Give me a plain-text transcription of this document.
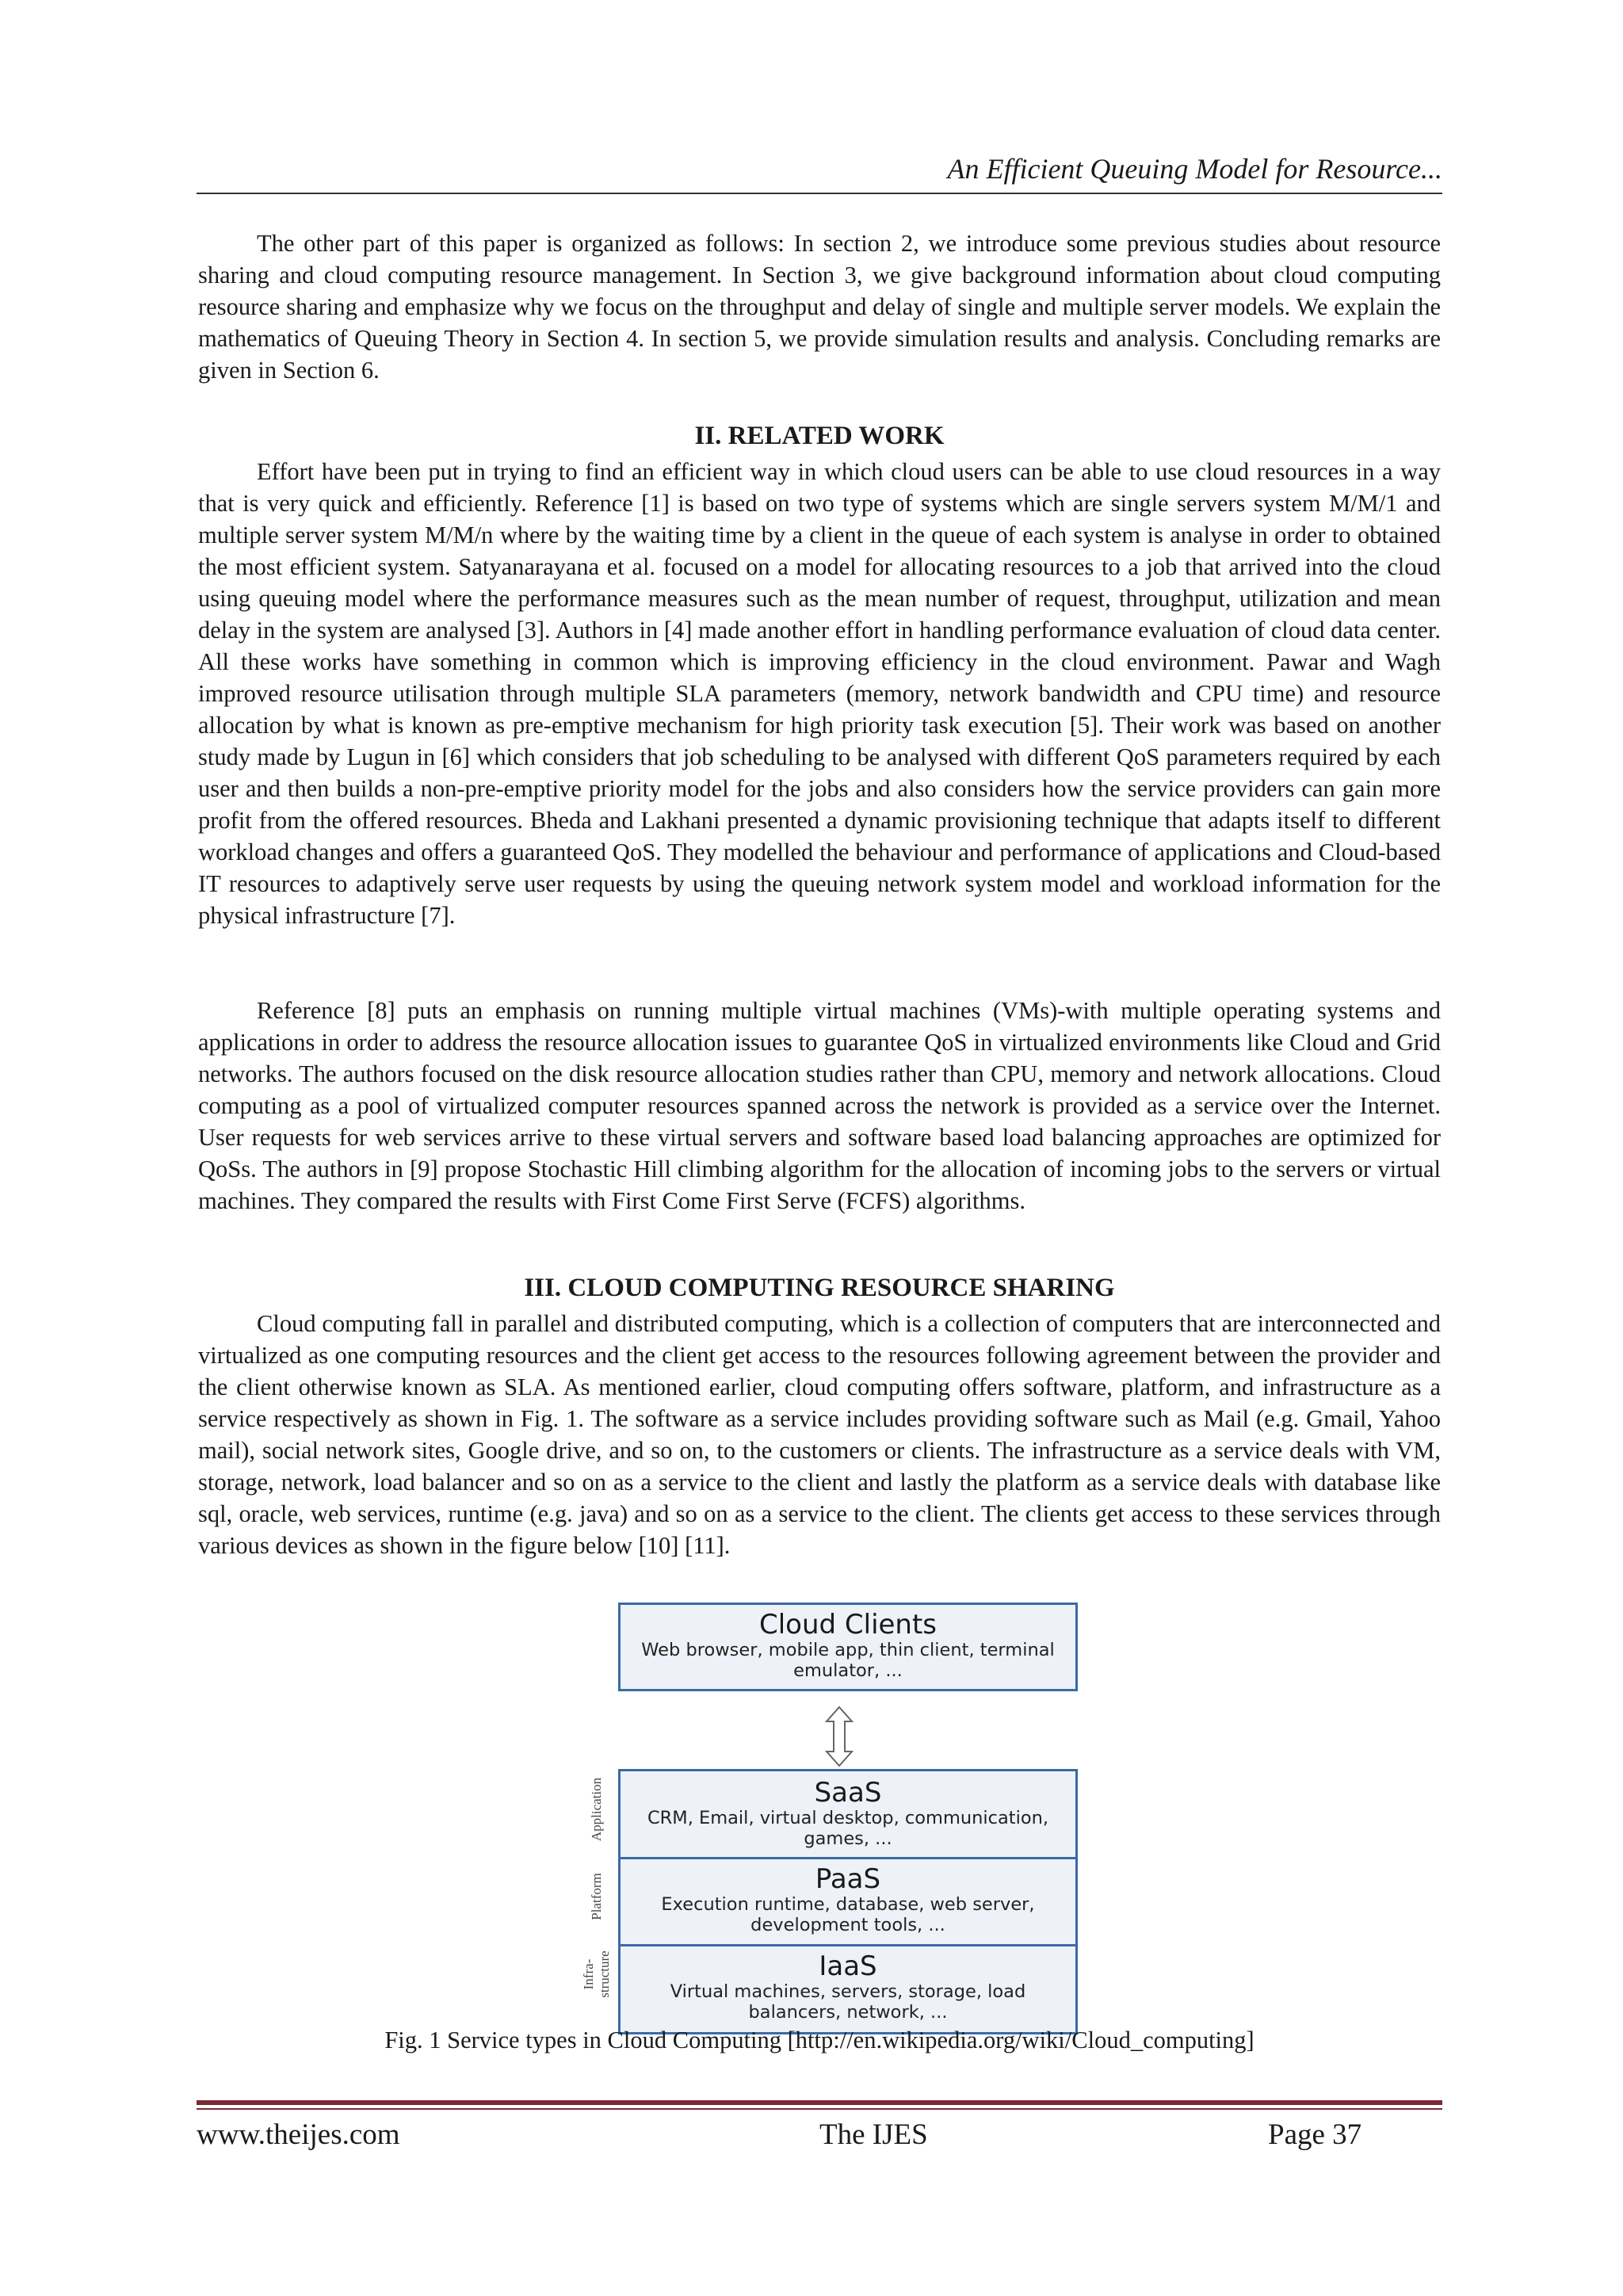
An Efficient Queuing Model for Resource...

The other part of this paper is organized as follows: In section 2, we introduce some previous studies about resource sharing and cloud computing resource management. In Section 3, we give background information about cloud computing resource sharing and emphasize why we focus on the throughput and delay of single and multiple server models. We explain the mathematics of Queuing Theory in Section 4. In section 5, we provide simulation results and analysis. Concluding remarks are given in Section 6.

II. RELATED WORK

Effort have been put in trying to find an efficient way in which cloud users can be able to use cloud resources in a way that is very quick and efficiently. Reference [1] is based on two type of systems which are single servers system M/M/1 and multiple server system M/M/n where by the waiting time by a client in the queue of each system is analyse in order to obtained the most efficient system. Satyanarayana et al. focused on a model for allocating resources to a job that arrived into the cloud using queuing model where the performance measures such as the mean number of request, throughput, utilization and mean delay in the system are analysed [3]. Authors in [4] made another effort in handling performance evaluation of cloud data center. All these works have something in common which is improving efficiency in the cloud environment. Pawar and Wagh improved resource utilisation through multiple SLA parameters (memory, network bandwidth and CPU time) and resource allocation by what is known as pre-emptive mechanism for high priority task execution [5]. Their work was based on another study made by Lugun in [6] which considers that job scheduling to be analysed with different QoS parameters required by each user and then builds a non-pre-emptive priority model for the jobs and also considers how the service providers can gain more profit from the offered resources. Bheda and Lakhani presented a dynamic provisioning technique that adapts itself to different workload changes and offers a guaranteed QoS. They modelled the behaviour and performance of applications and Cloud-based IT resources to adaptively serve user requests by using the queuing network system model and workload information for the physical infrastructure [7].

Reference [8] puts an emphasis on running multiple virtual machines (VMs)-with multiple operating systems and applications in order to address the resource allocation issues to guarantee QoS in virtualized environments like Cloud and Grid networks. The authors focused on the disk resource allocation studies rather than CPU, memory and network allocations. Cloud computing as a pool of virtualized computer resources spanned across the network is provided as a service over the Internet. User requests for web services arrive to these virtual servers and software based load balancing approaches are optimized for QoSs. The authors in [9] propose Stochastic Hill climbing algorithm for the allocation of incoming jobs to the servers or virtual machines. They compared the results with First Come First Serve (FCFS) algorithms.

III. CLOUD COMPUTING RESOURCE SHARING

Cloud computing fall in parallel and distributed computing, which is a collection of computers that are interconnected and virtualized as one computing resources and the client get access to the resources following agreement between the provider and the client otherwise known as SLA. As mentioned earlier, cloud computing offers software, platform, and infrastructure as a service respectively as shown in Fig. 1. The software as a service includes providing software such as Mail (e.g. Gmail, Yahoo mail), social network sites, Google drive, and so on, to the customers or clients. The infrastructure as a service deals with VM, storage, network, load balancer and so on as a service to the client and lastly the platform as a service deals with database like sql, oracle, web services, runtime (e.g. java) and so on as a service to the client. The clients get access to these services through various devices as shown in the figure below [10] [11].

Cloud Clients
Web browser, mobile app, thin client, terminal emulator, ...
SaaS
CRM, Email, virtual desktop, communication, games, ...
PaaS
Execution runtime, database, web server, development tools, ...
IaaS
Virtual machines, servers, storage, load balancers, network, ...
Application
Platform
Infra- structure

Fig. 1 Service types in Cloud Computing [http://en.wikipedia.org/wiki/Cloud_computing]

www.theijes.com	The IJES	Page 37
